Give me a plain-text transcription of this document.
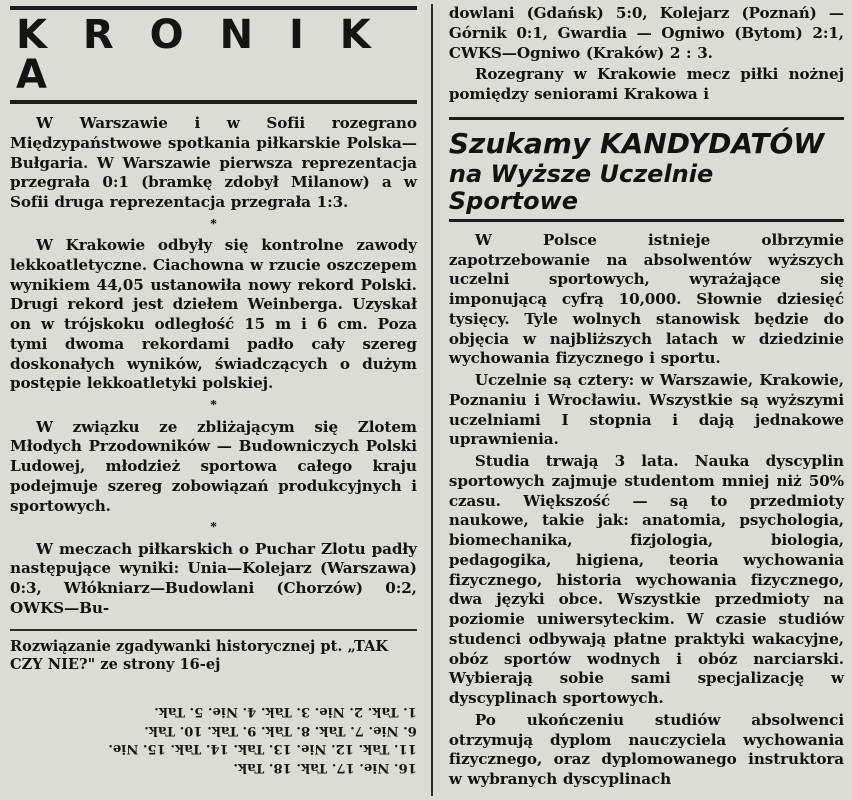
K R O N I K A

W Warszawie i w Sofii rozegrano Międzypaństwowe spotkania piłkarskie Polska—Bułgaria. W Warszawie pierwsza reprezentacja przegrała 0:1 (bramkę zdobył Milanow) a w Sofii druga reprezentacja przegrała 1:3.

*

W Krakowie odbyły się kontrolne zawody lekkoatletyczne. Ciachowna w rzucie oszczepem wynikiem 44,05 ustanowiła nowy rekord Polski. Drugi rekord jest dziełem Weinberga. Uzyskał on w trójskoku odległość 15 m i 6 cm. Poza tymi dwoma rekordami padło cały szereg doskonałych wyników, świadczących o dużym postępie lekkoatletyki polskiej.

*

W związku ze zbliżającym się Zlotem Młodych Przodowników — Budowniczych Polski Ludowej, młodzież sportowa całego kraju podejmuje szereg zobowiązań produkcyjnych i sportowych.

*

W meczach piłkarskich o Puchar Zlotu padły następujące wyniki: Unia—Kolejarz (Warszawa) 0:3, Włókniarz—Budowlani (Chorzów) 0:2, OWKS—Bu-

Rozwiązanie zgadywanki historycznej pt. „TAK CZY NIE?" ze strony 16-ej
16. Nie. 17. Tak. 18. Tak.
11. Tak. 12. Nie. 13. Tak. 14. Tak. 15. Nie.
6. Nie. 7. Tak. 8. Tak. 9. Tak. 10. Tak.
1. Tak. 2. Nie. 3. Tak. 4. Nie. 5. Tak.

dowlani (Gdańsk) 5:0, Kolejarz (Poznań) — Górnik 0:1, Gwardia — Ogniwo (Bytom) 2:1, CWKS—Ogniwo (Kraków) 2 : 3.

Rozegrany w Krakowie mecz piłki nożnej pomiędzy seniorami Krakowa i

Szukamy KANDYDATÓW
na Wyższe Uczelnie Sportowe

W Polsce istnieje olbrzymie zapotrzebowanie na absolwentów wyższych uczelni sportowych, wyrażające się imponującą cyfrą 10,000. Słownie dziesięć tysięcy. Tyle wolnych stanowisk będzie do objęcia w najbliższych latach w dziedzinie wychowania fizycznego i sportu.

Uczelnie są cztery: w Warszawie, Krakowie, Poznaniu i Wrocławiu. Wszystkie są wyższymi uczelniami I stopnia i dają jednakowe uprawnienia.

Studia trwają 3 lata. Nauka dyscyplin sportowych zajmuje studentom mniej niż 50% czasu. Większość — są to przedmioty naukowe, takie jak: anatomia, psychologia, biomechanika, fizjologia, biologia, pedagogika, higiena, teoria wychowania fizycznego, historia wychowania fizycznego, dwa języki obce. Wszystkie przedmioty na poziomie uniwersyteckim. W czasie studiów studenci odbywają płatne praktyki wakacyjne, obóz sportów wodnych i obóz narciarski. Wybierają sobie sami specjalizację w dyscyplinach sportowych.

Po ukończeniu studiów absolwenci otrzymują dyplom nauczyciela wychowania fizycznego, oraz dyplomowanego instruktora w wybranych dyscyplinach
